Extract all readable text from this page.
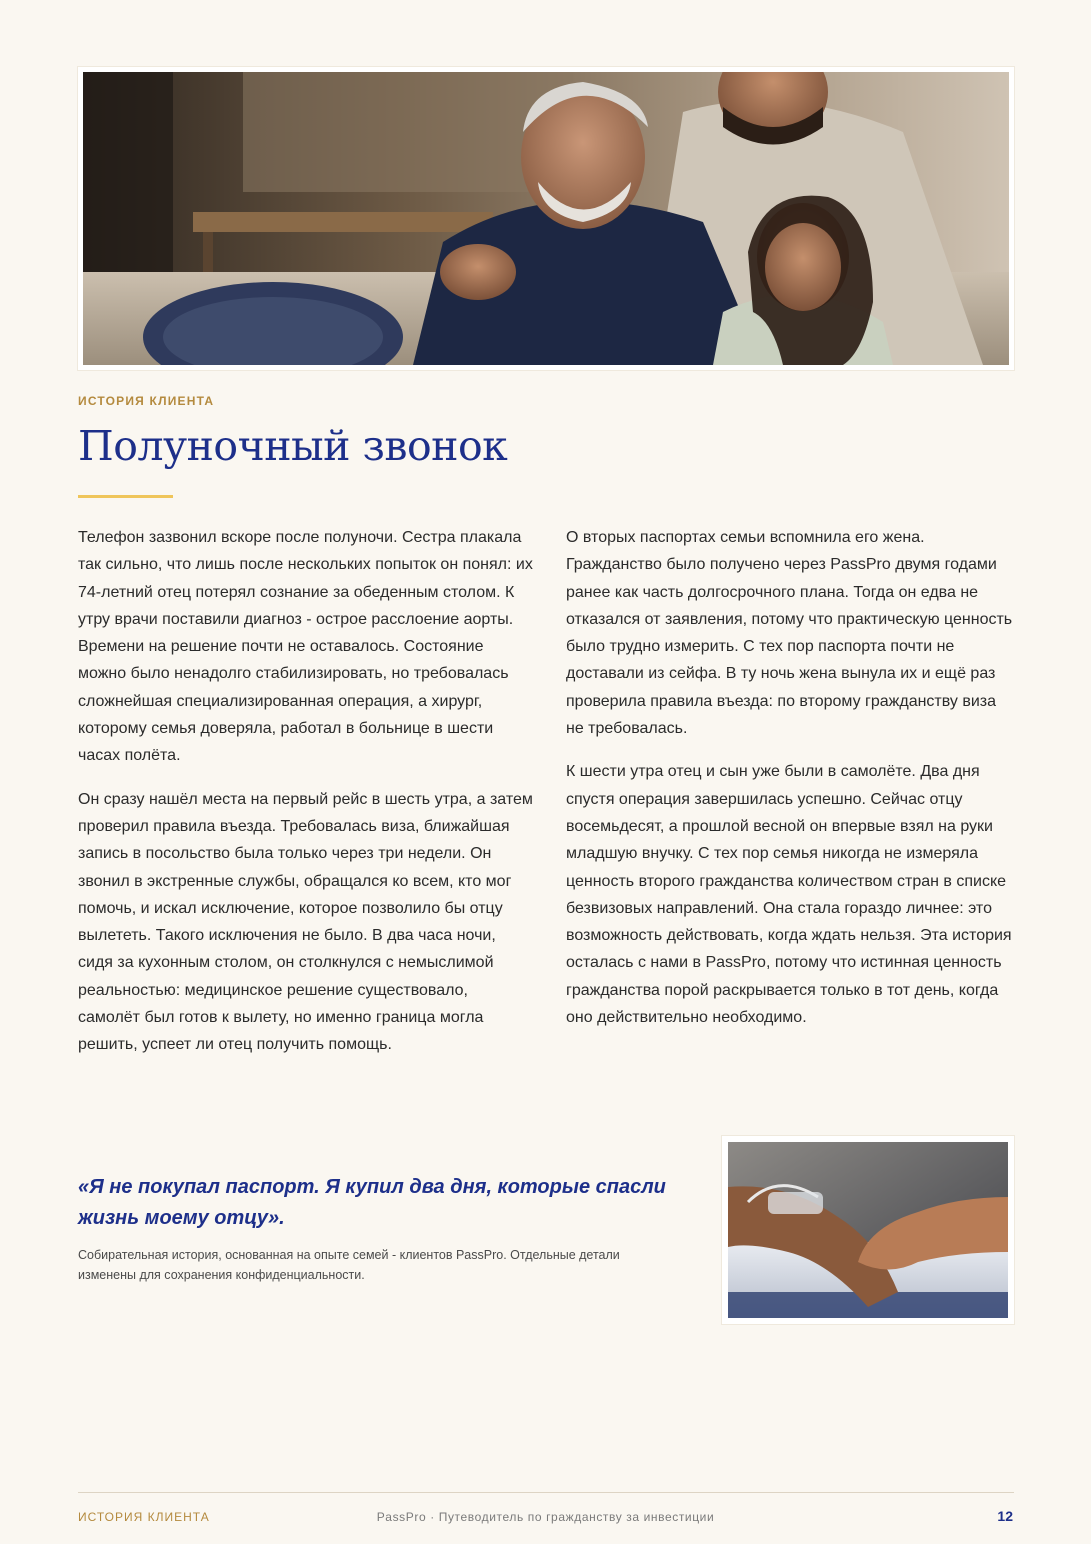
ИСТОРИЯ КЛИЕНТА

Полуночный звонок

Телефон зазвонил вскоре после полуночи. Сестра плакала так сильно, что лишь после нескольких попыток он понял: их 74-летний отец потерял сознание за обеденным столом. К утру врачи поставили диагноз - острое расслоение аорты. Времени на решение почти не оставалось. Состояние можно было ненадолго стабилизировать, но требовалась сложнейшая специализированная операция, а хирург, которому семья доверяла, работал в больнице в шести часах полёта.

Он сразу нашёл места на первый рейс в шесть утра, а затем проверил правила въезда. Требовалась виза, ближайшая запись в посольство была только через три недели. Он звонил в экстренные службы, обращался ко всем, кто мог помочь, и искал исключение, которое позволило бы отцу вылететь. Такого исключения не было. В два часа ночи, сидя за кухонным столом, он столкнулся с немыслимой реальностью: медицинское решение существовало, самолёт был готов к вылету, но именно граница могла решить, успеет ли отец получить помощь.

О вторых паспортах семьи вспомнила его жена. Гражданство было получено через PassPro двумя годами ранее как часть долгосрочного плана. Тогда он едва не отказался от заявления, потому что практическую ценность было трудно измерить. С тех пор паспорта почти не доставали из сейфа. В ту ночь жена вынула их и ещё раз проверила правила въезда: по второму гражданству виза не требовалась.

К шести утра отец и сын уже были в самолёте. Два дня спустя операция завершилась успешно. Сейчас отцу восемьдесят, а прошлой весной он впервые взял на руки младшую внучку. С тех пор семья никогда не измеряла ценность второго гражданства количеством стран в списке безвизовых направлений. Она стала гораздо личнее: это возможность действовать, когда ждать нельзя. Эта история осталась с нами в PassPro, потому что истинная ценность гражданства порой раскрывается только в тот день, когда оно действительно необходимо.

«Я не покупал паспорт. Я купил два дня, которые спасли жизнь моему отцу».

Собирательная история, основанная на опыте семей - клиентов PassPro. Отдельные детали изменены для сохранения конфиденциальности.

ИСТОРИЯ КЛИЕНТА	PassPro · Путеводитель по гражданству за инвестиции	12
